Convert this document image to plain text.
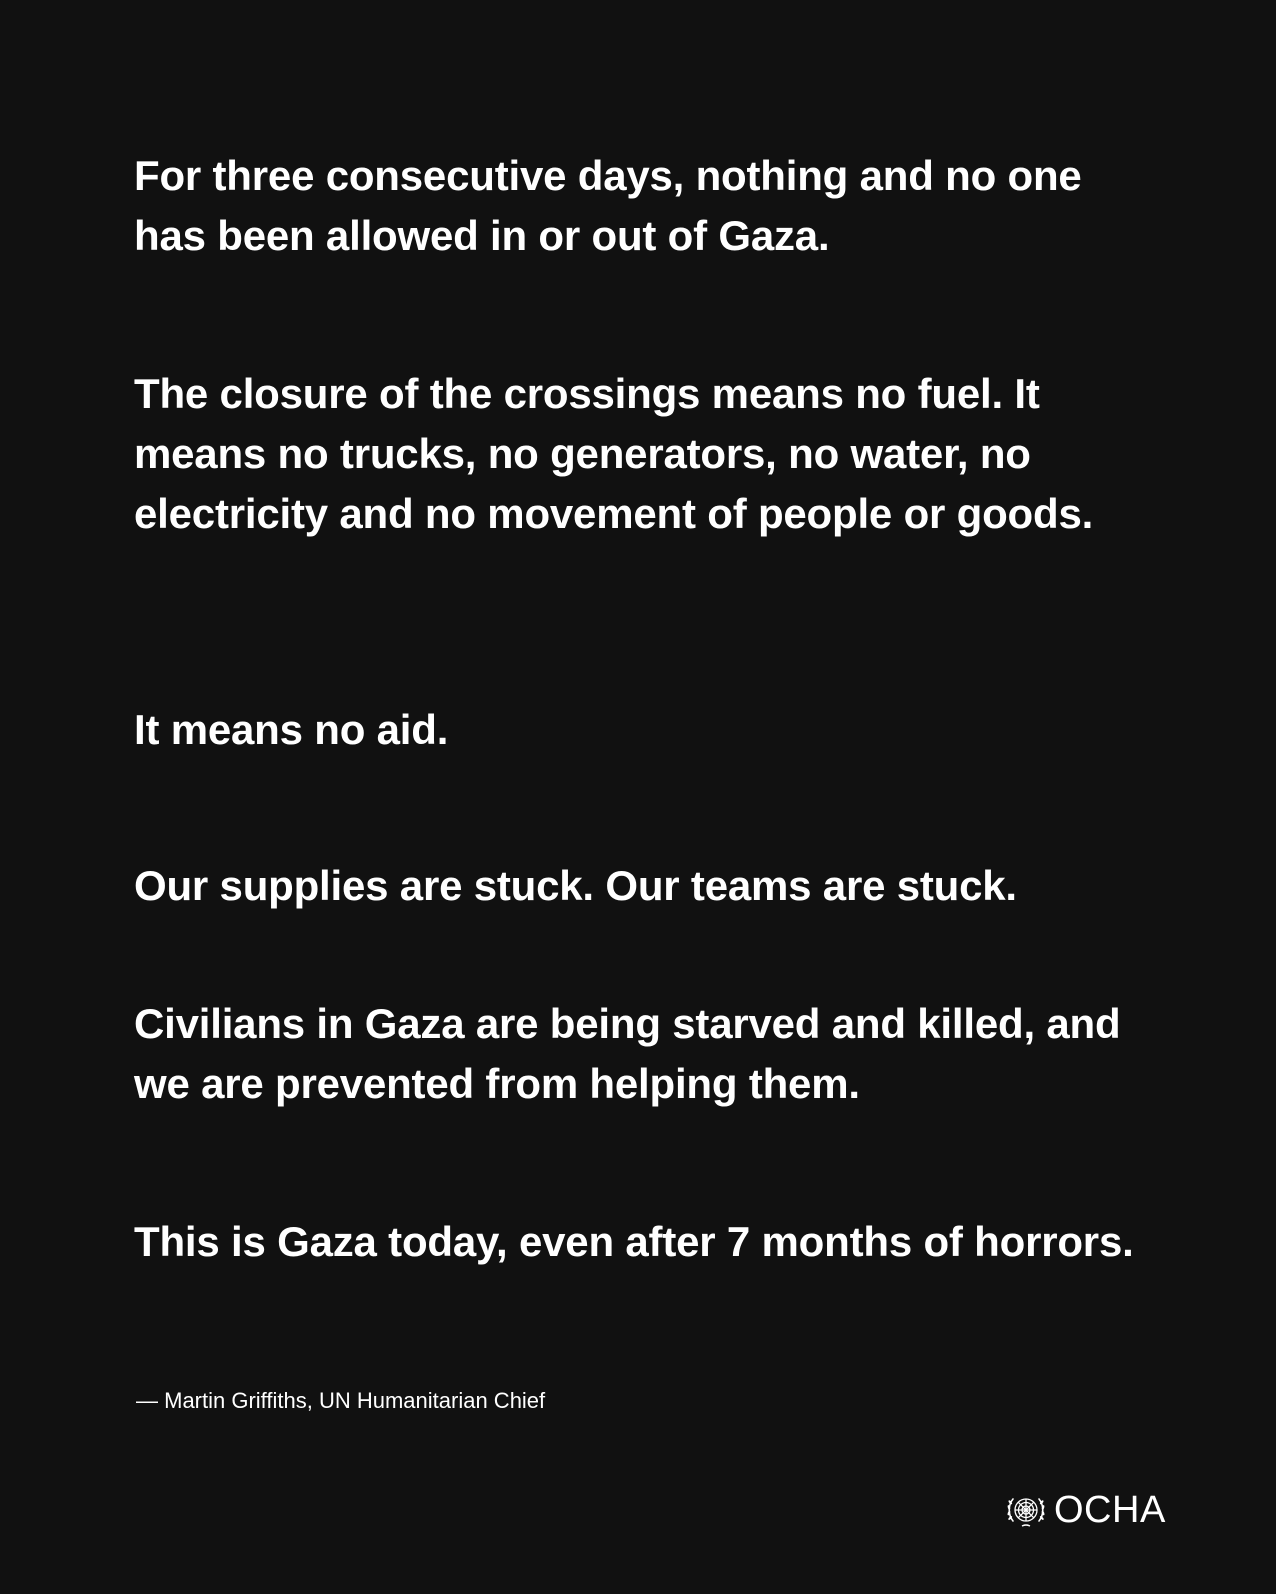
For three consecutive days, nothing and no one has been allowed in or out of Gaza.

The closure of the crossings means no fuel. It means no trucks, no generators, no water, no electricity and no movement of people or goods.

It means no aid.

Our supplies are stuck. Our teams are stuck.

Civilians in Gaza are being starved and killed, and we are prevented from helping them.

This is Gaza today, even after 7 months of horrors.

— Martin Griffiths, UN Humanitarian Chief
OCHA
